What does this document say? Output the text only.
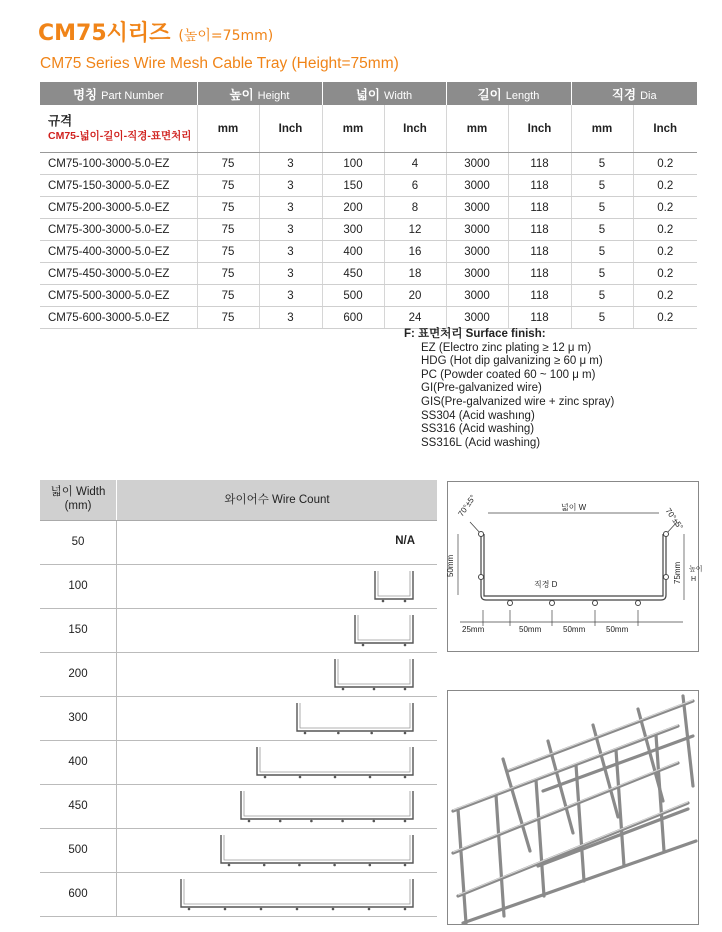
CM75시리즈 (높이=75mm)
CM75 Series Wire Mesh Cable Tray (Height=75mm)
명칭 Part Number	높이 Height		넓이 Width		길이 Length		직경 Dia	

규격
CM75-넓이-길이-직경-표면처리	mm	Inch	mm	Inch	mm	Inch	mm	Inch
CM75-100-3000-5.0-EZ	75	3	100	4	3000	118	5	0.2
CM75-150-3000-5.0-EZ	75	3	150	6	3000	118	5	0.2
CM75-200-3000-5.0-EZ	75	3	200	8	3000	118	5	0.2
CM75-300-3000-5.0-EZ	75	3	300	12	3000	118	5	0.2
CM75-400-3000-5.0-EZ	75	3	400	16	3000	118	5	0.2
CM75-450-3000-5.0-EZ	75	3	450	18	3000	118	5	0.2
CM75-500-3000-5.0-EZ	75	3	500	20	3000	118	5	0.2
CM75-600-3000-5.0-EZ	75	3	600	24	3000	118	5	0.2
F: 표면처리 Surface finish:
EZ (Electro zinc plating ≥ 12 μ m)
HDG (Hot dip galvanizing ≥ 60 μ m)
PC (Powder coated 60 ~ 100 μ m)
GI(Pre-galvanized wire)
GIS(Pre-galvanized wire + zinc spray)
SS304 (Acid washıng)
SS316 (Acid washing)
SS316L (Acid washing)
넓이 Width
(mm)	와이어수 Wire Count
50	N/A
100
150
200
300
400
450
500
600
70°±5°
70°±5°
넓이 W
50mm	75mm 높이
H
직경 D
25mm	50mm	50mm	50mm
